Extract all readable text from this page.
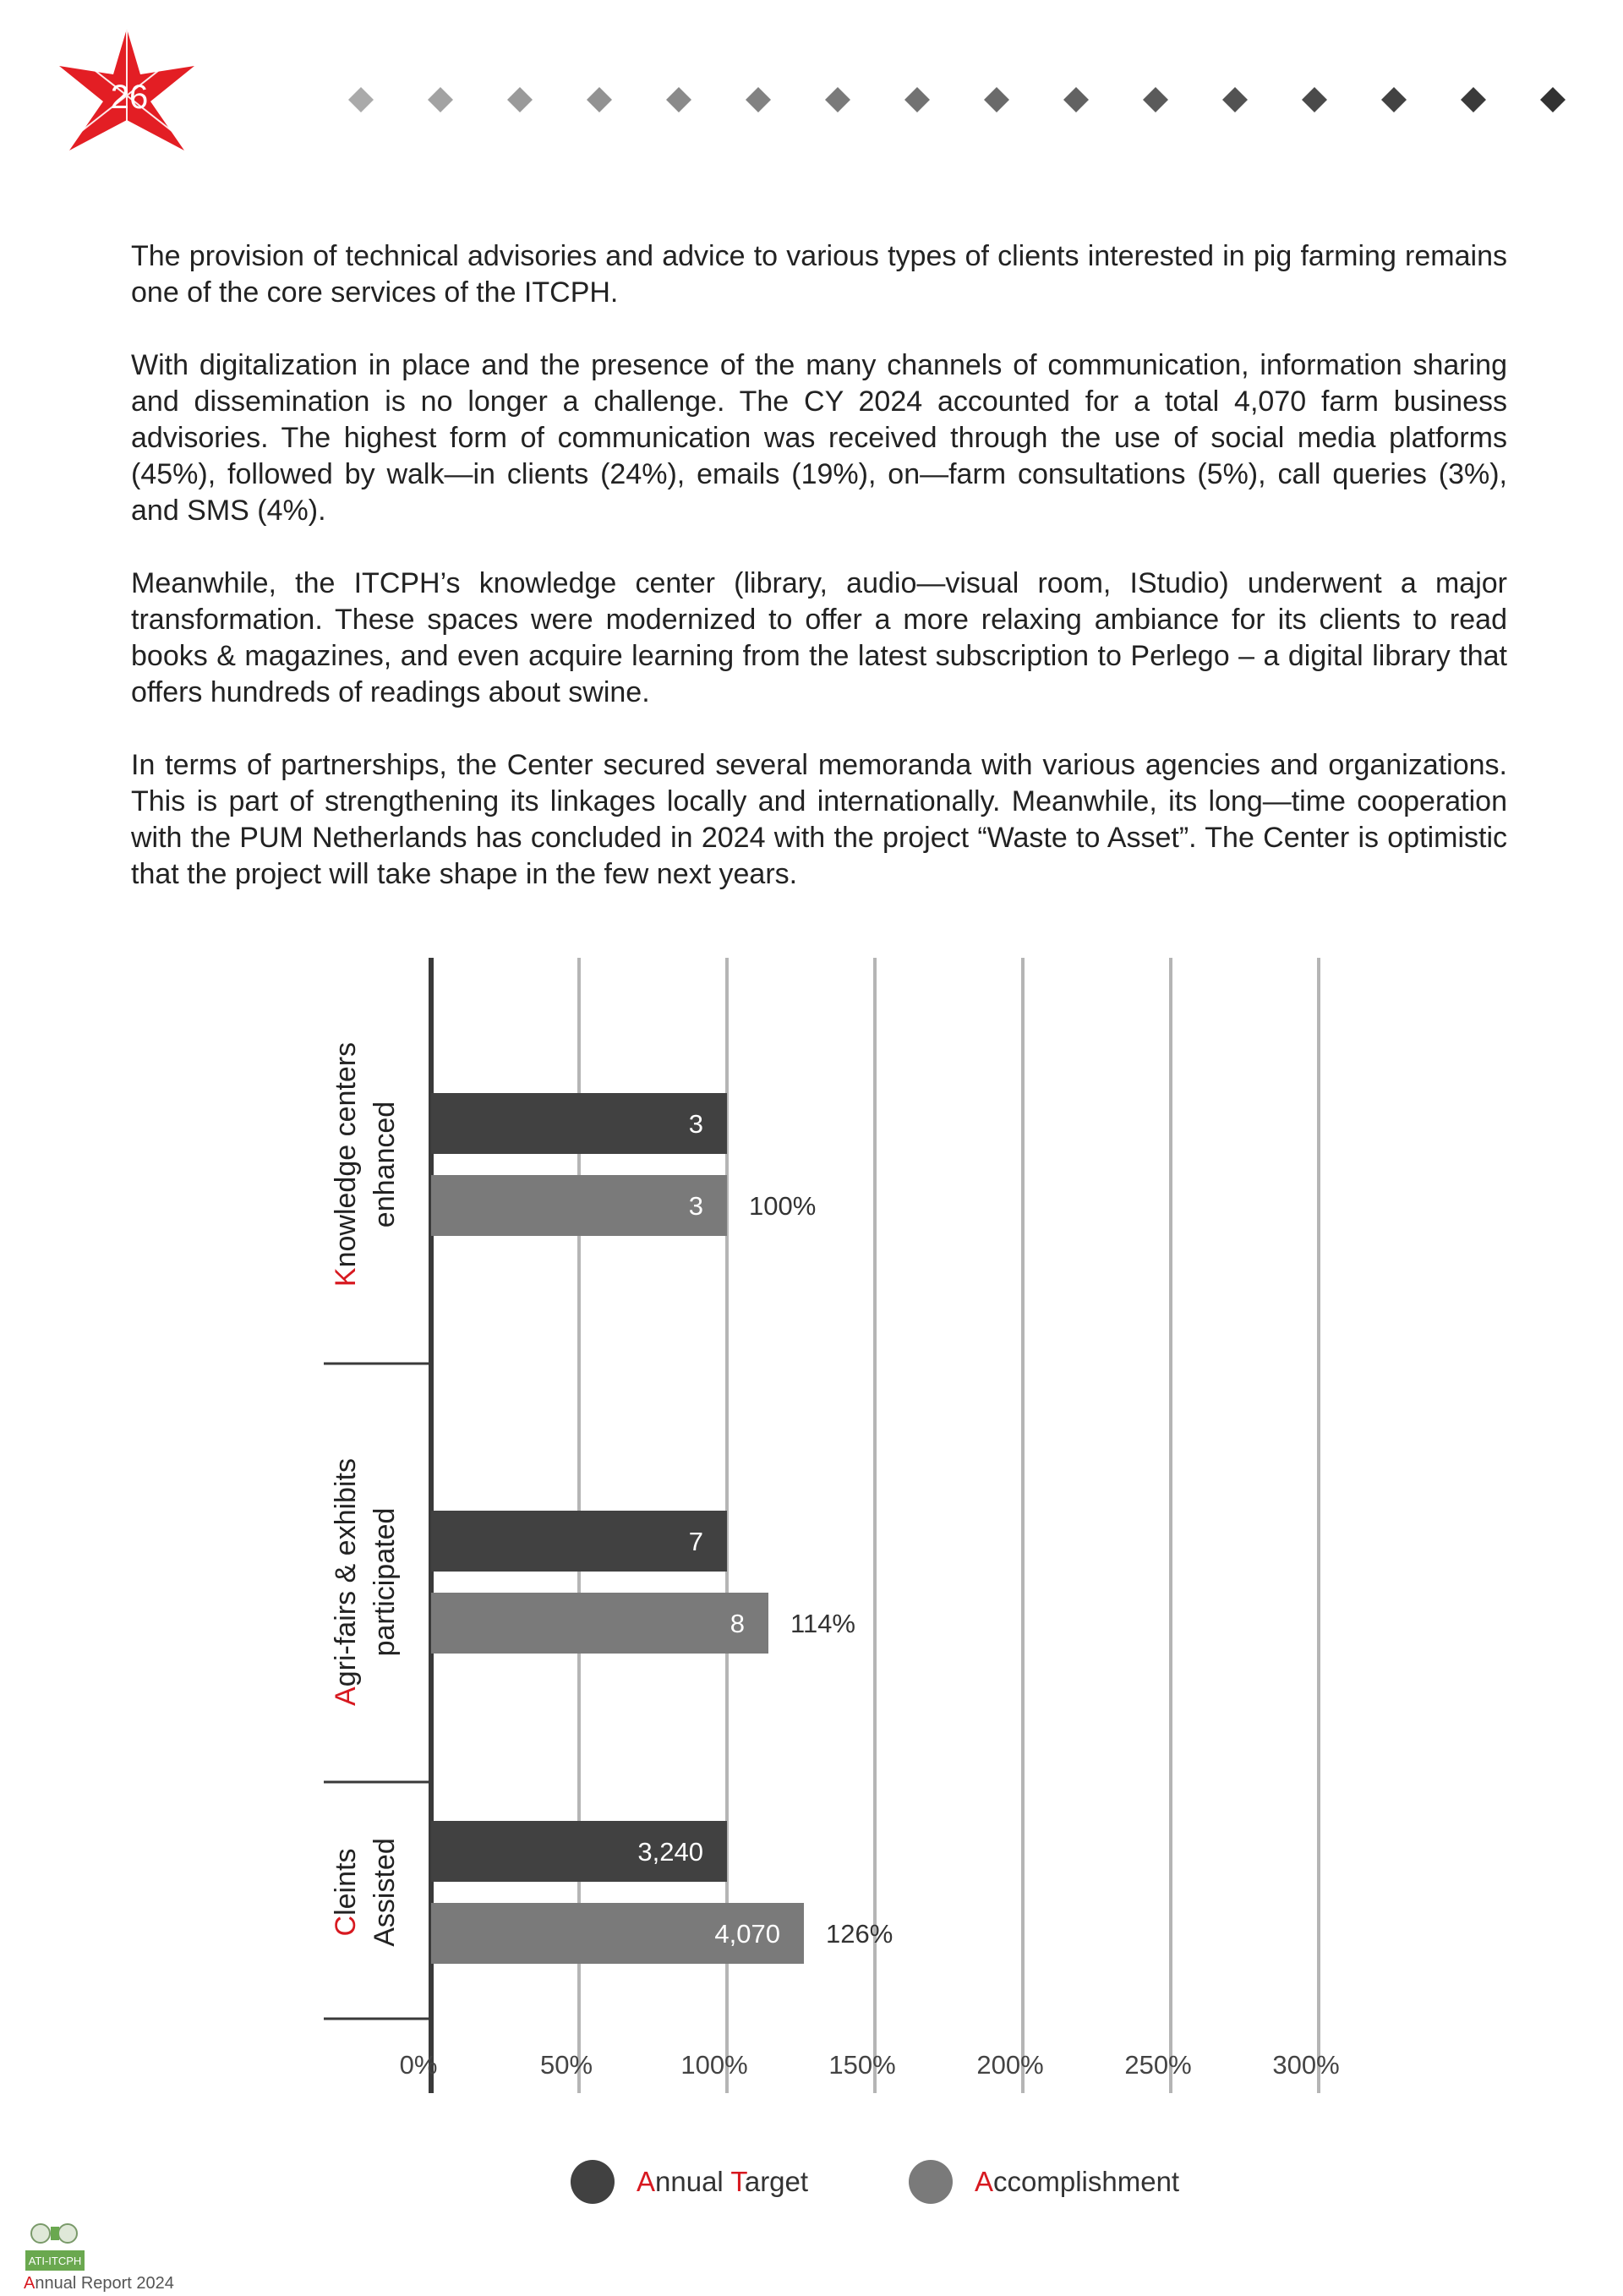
26

The provision of technical advisories and advice to various types of clients interested in pig farming remains one of the core services of the ITCPH.

With digitalization in place and the presence of the many channels of communication, information sharing and dissemination is no longer a challenge. The CY 2024 accounted for a total 4,070 farm business advisories. The highest form of communication was received through the use of social media platforms (45%), followed by walk—in clients (24%), emails (19%), on—farm consultations (5%), call queries (3%), and SMS (4%).

Meanwhile, the ITCPH’s knowledge center (library, audio—visual room, IStudio) underwent a major transformation. These spaces were modernized to offer a more relaxing ambiance for its clients to read books & magazines, and even acquire learning from the latest subscription to Perlego – a digital library that offers hundreds of readings about swine.

In terms of partnerships, the Center secured several memoranda with various agencies and organizations. This is part of strengthening its linkages locally and internationally. Meanwhile, its long—time cooperation with the PUM Netherlands has concluded in 2024 with the project “Waste to Asset”. The Center is optimistic that the project will take shape in the few next years.

0%	50%	100%	150%	200%	250%	300%
3
3 100%
Knowledge centers enhanced
7
8 114%
Agri-fairs & exhibits participated
3,240
4,070 126%
Cleints Assisted
Annual Target	Accomplishment
ATI-ITCPH
Annual Report 2024
